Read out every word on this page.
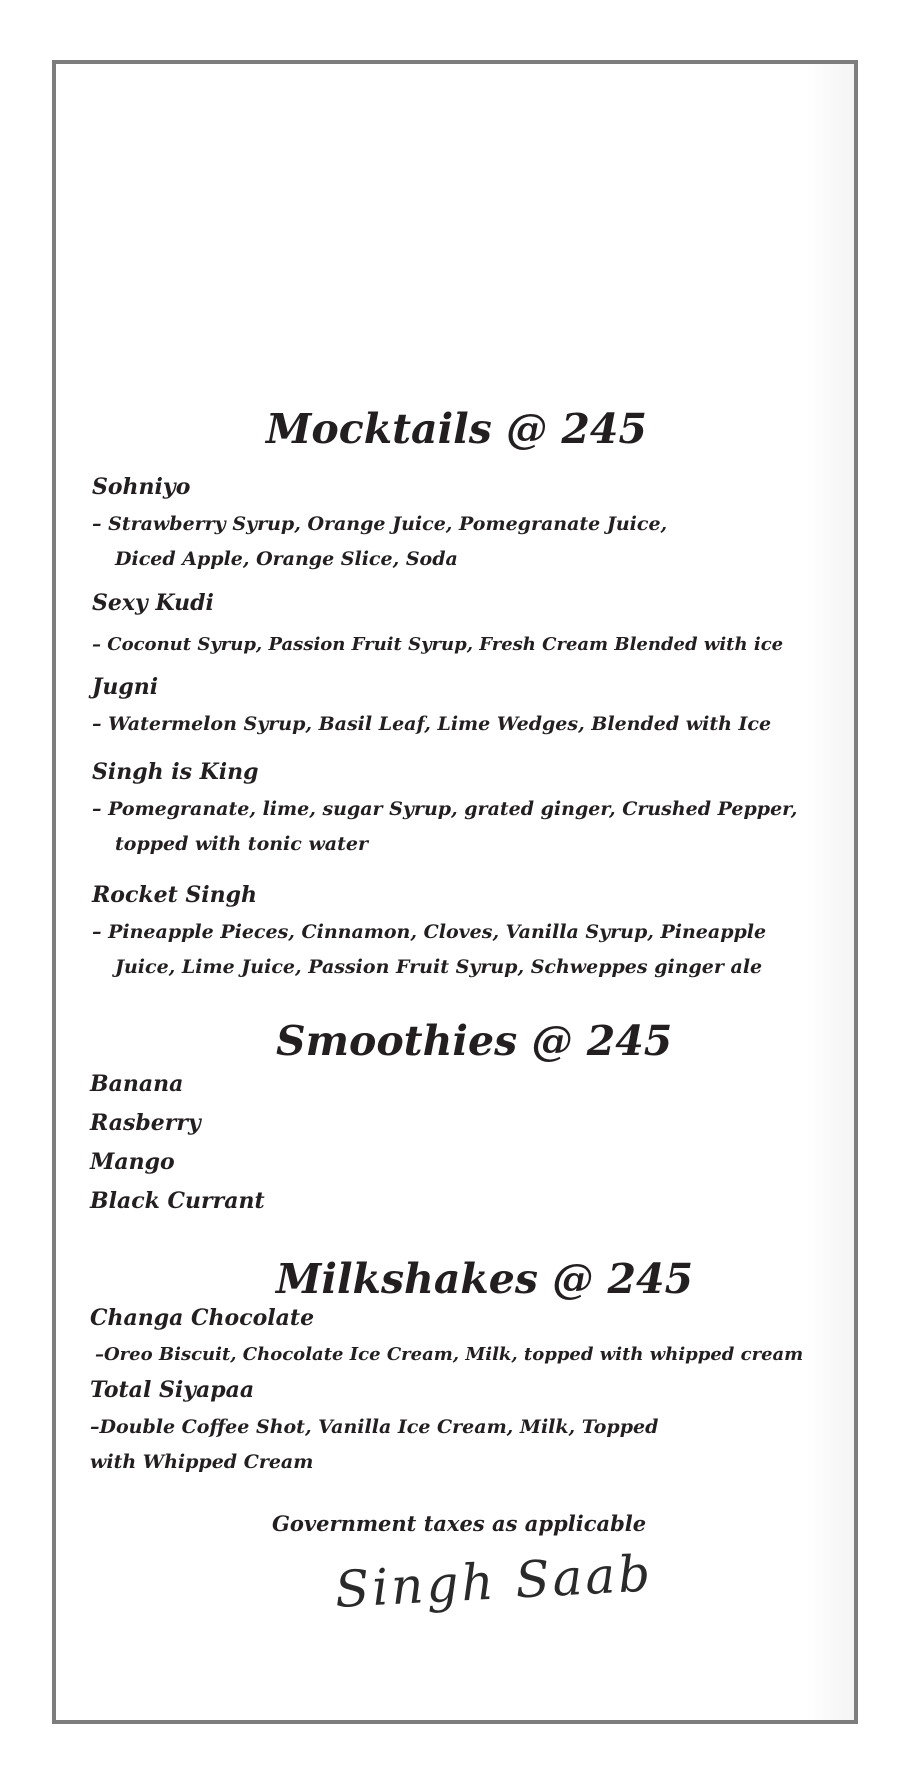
Mocktails @ 245
Sohniyo
– Strawberry Syrup, Orange Juice, Pomegranate Juice,
Diced Apple, Orange Slice, Soda
Sexy Kudi
– Coconut Syrup, Passion Fruit Syrup, Fresh Cream Blended with ice
Jugni
– Watermelon Syrup, Basil Leaf, Lime Wedges, Blended with Ice
Singh is King
– Pomegranate, lime, sugar Syrup, grated ginger, Crushed Pepper,
topped with tonic water
Rocket Singh
– Pineapple Pieces, Cinnamon, Cloves, Vanilla Syrup, Pineapple
Juice, Lime Juice, Passion Fruit Syrup, Schweppes ginger ale
Smoothies @ 245
Banana
Rasberry
Mango
Black Currant
Milkshakes @ 245
Changa Chocolate
–Oreo Biscuit, Chocolate Ice Cream, Milk, topped with whipped cream
Total Siyapaa
–Double Coffee Shot, Vanilla Ice Cream, Milk, Topped
with Whipped Cream
Government taxes as applicable
Singh Saab
